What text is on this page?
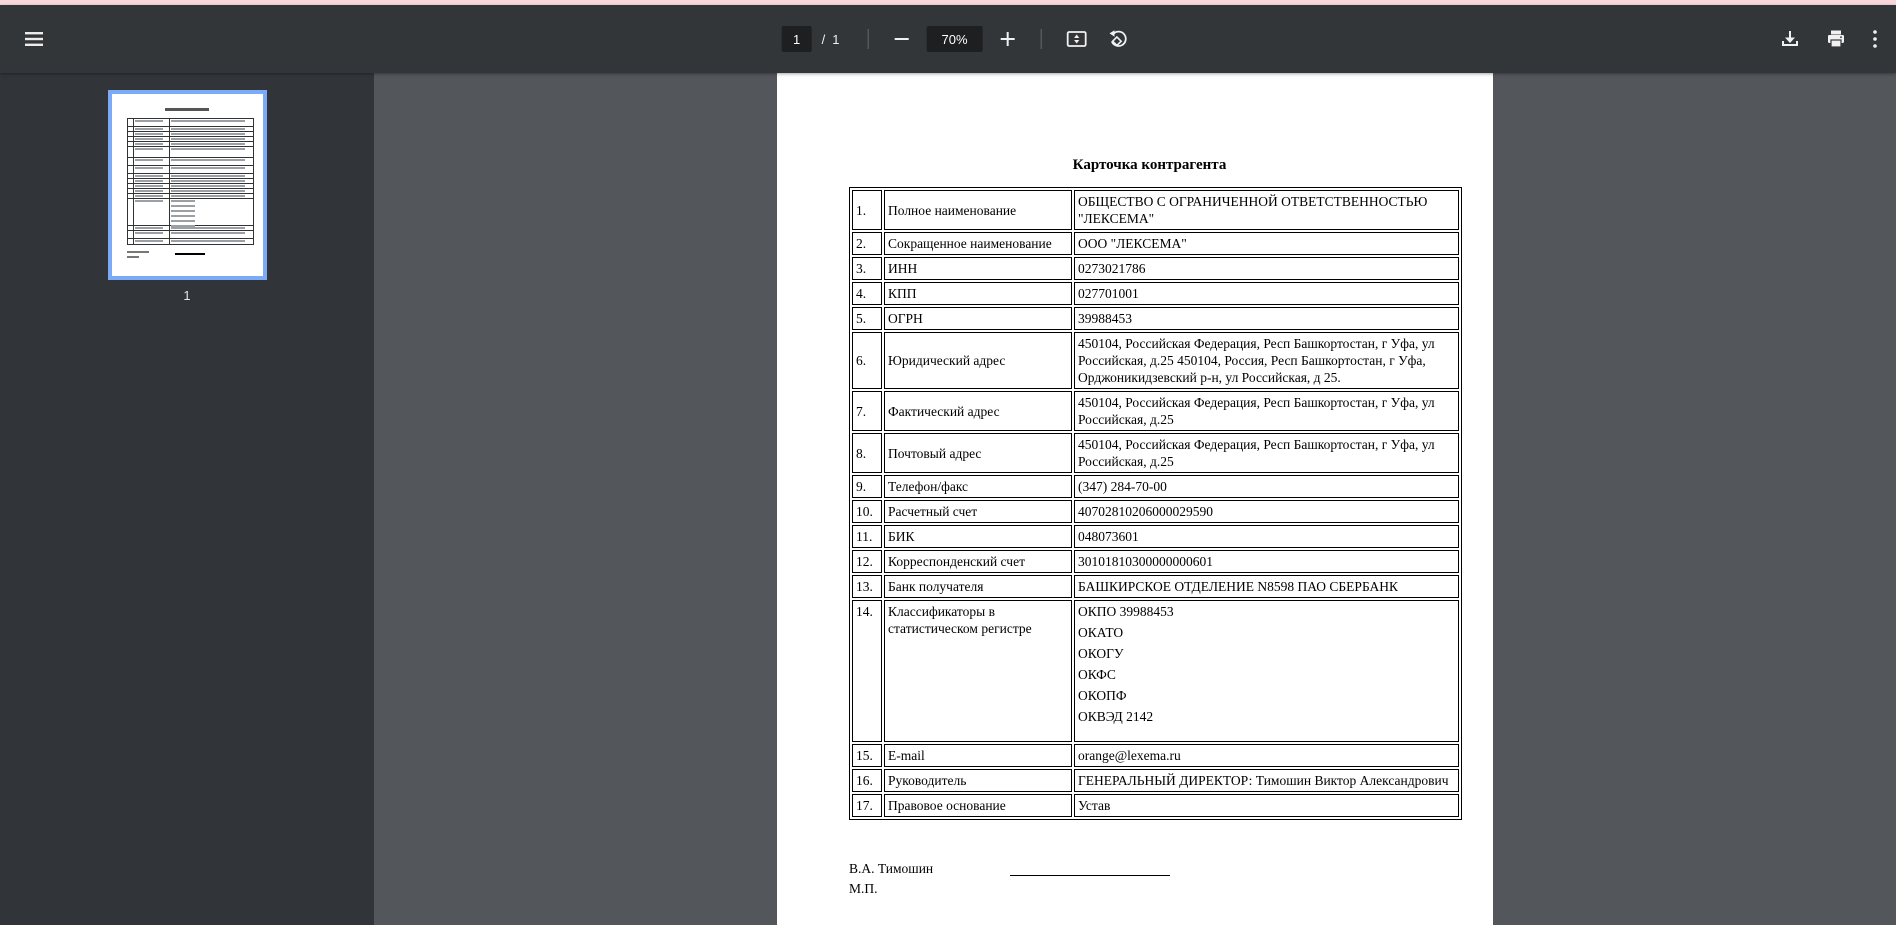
1
/ 1
70%
1
Карточка контрагента
1.	Полное наименование	ОБЩЕСТВО С ОГРАНИЧЕННОЙ ОТВЕТСТВЕННОСТЬЮ "ЛЕКСЕМА"
2.	Сокращенное наименование	ООО "ЛЕКСЕМА"
3.	ИНН	0273021786
4.	КПП	027701001
5.	ОГРН	39988453
6.	Юридический адрес	450104, Российская Федерация, Респ Башкортостан, г Уфа, ул Российская, д.25 450104, Россия, Респ Башкортостан, г Уфа, Орджоникидзевский р-н, ул Российская, д 25.
7.	Фактический адрес	450104, Российская Федерация, Респ Башкортостан, г Уфа, ул Российская, д.25
8.	Почтовый адрес	450104, Российская Федерация, Респ Башкортостан, г Уфа, ул Российская, д.25
9.	Телефон/факс	(347) 284-70-00
10.	Расчетный счет	40702810206000029590
11.	БИК	048073601
12.	Корреспонденский счет	30101810300000000601
13.	Банк получателя	БАШКИРСКОЕ ОТДЕЛЕНИЕ N8598 ПАО СБЕРБАНК
14.	Классификаторы в статистическом регистре	
ОКПО 39988453
ОКАТО
ОКОГУ
ОКФС
ОКОПФ
ОКВЭД 2142

15.	E-mail	orange@lexema.ru
16.	Руководитель	ГЕНЕРАЛЬНЫЙ ДИРЕКТОР: Тимошин Виктор Александрович
17.	Правовое основание	Устав
В.А. Тимошин
М.П.
